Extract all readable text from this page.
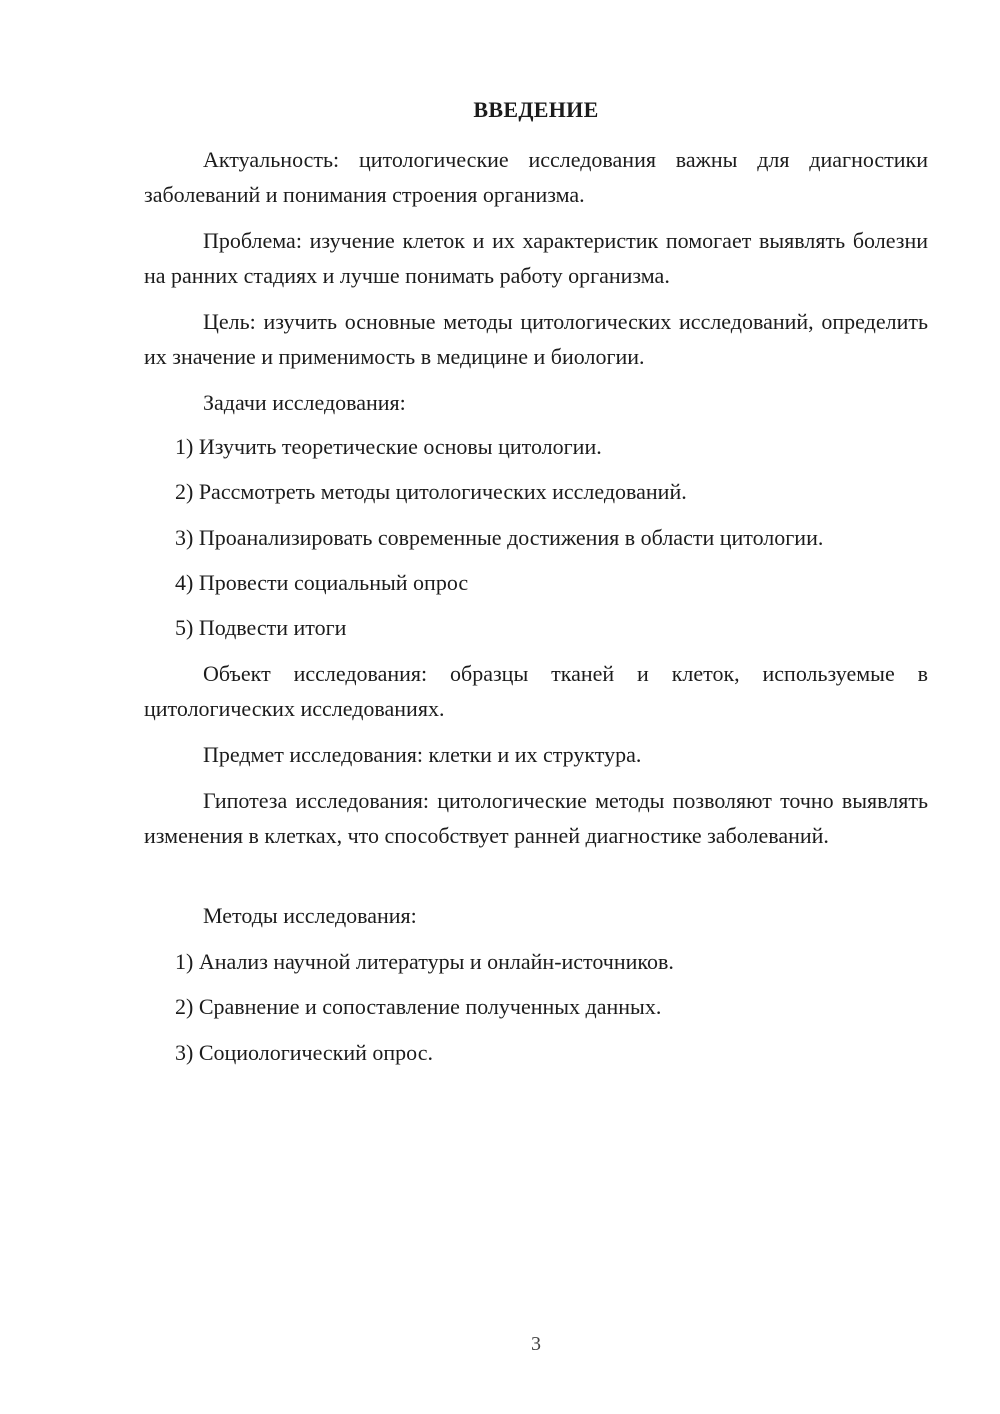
ВВЕДЕНИЕ
Актуальность: цитологические исследования важны для диагностики заболеваний и понимания строения организма.
Проблема: изучение клеток и их характеристик помогает выявлять болезни на ранних стадиях и лучше понимать работу организма.
Цель: изучить основные методы цитологических исследований, определить их значение и применимость в медицине и биологии.
Задачи исследования:
1) Изучить теоретические основы цитологии.
2) Рассмотреть методы цитологических исследований.
3) Проанализировать современные достижения в области цитологии.
4) Провести социальный опрос
5) Подвести итоги
Объект исследования: образцы тканей и клеток, используемые в цитологических исследованиях.
Предмет исследования: клетки и их структура.
Гипотеза исследования: цитологические методы позволяют точно выявлять изменения в клетках, что способствует ранней диагностике заболеваний.
Методы исследования:
1) Анализ научной литературы и онлайн-источников.
2) Сравнение и сопоставление полученных данных.
3) Социологический опрос.
3
